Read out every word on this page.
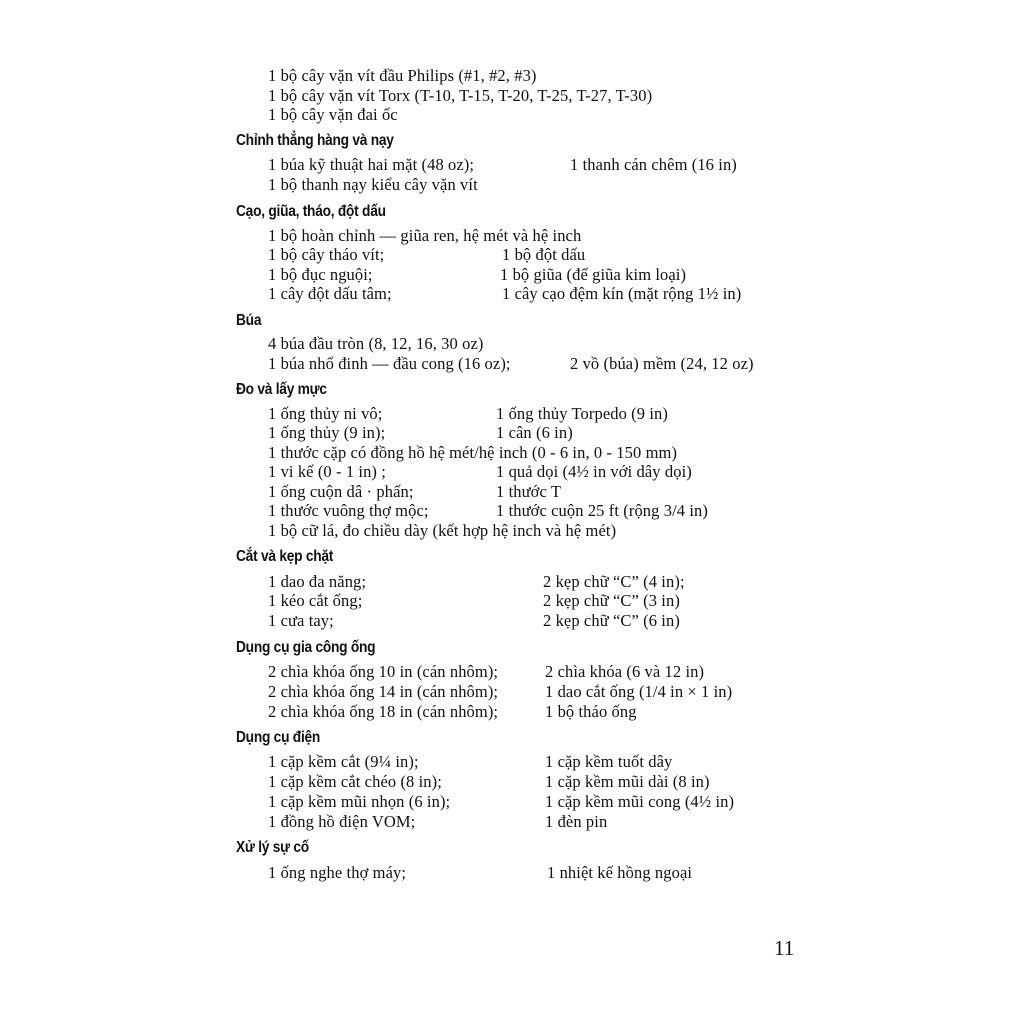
1 bộ cây vặn vít đầu Philips (#1, #2, #3)
1 bộ cây vặn vít Torx (T-10, T-15, T-20, T-25, T-27, T-30)
1 bộ cây vặn đai ốc
Chỉnh thẳng hàng và nạy
1 búa kỹ thuật hai mặt (48 oz);	1 thanh cán chêm (16 in)
1 bộ thanh nạy kiểu cây vặn vít
Cạo, giũa, tháo, đột dấu
1 bộ hoàn chỉnh — giũa ren, hệ mét và hệ inch
1 bộ cây tháo vít;	1 bộ đột dấu
1 bộ đục nguội;	1 bộ giũa (để giũa kim loại)
1 cây đột dấu tâm;	1 cây cạo đệm kín (mặt rộng 1½ in)
Búa
4 búa đầu tròn (8, 12, 16, 30 oz)
1 búa nhổ đinh — đầu cong (16 oz);	2 vồ (búa) mềm (24, 12 oz)
Đo và lấy mực
1 ống thủy ni vô;	1 ống thủy Torpedo (9 in)
1 ống thủy (9 in);	1 cân (6 in)
1 thước cặp có đồng hồ hệ mét/hệ inch (0 - 6 in, 0 - 150 mm)
1 vi kế (0 - 1 in) ;	1 quả dọi (4½ in với dây dọi)
1 ống cuộn dâ · phấn;	1 thước T
1 thước vuông thợ mộc;	1 thước cuộn 25 ft (rộng 3/4 in)
1 bộ cữ lá, đo chiều dày (kết hợp hệ inch và hệ mét)
Cắt và kẹp chặt
1 dao đa năng;	2 kẹp chữ “C” (4 in);
1 kéo cắt ống;	2 kẹp chữ “C” (3 in)
1 cưa tay;	2 kẹp chữ “C” (6 in)
Dụng cụ gia công ống
2 chìa khóa ống 10 in (cán nhôm);	2 chìa khóa (6 và 12 in)
2 chìa khóa ống 14 in (cán nhôm);	1 dao cắt ống (1/4 in × 1 in)
2 chìa khóa ống 18 in (cán nhôm);	1 bộ tháo ống
Dụng cụ điện
1 cặp kềm cắt (9¼ in);	1 cặp kềm tuốt dây
1 cặp kềm cắt chéo (8 in);	1 cặp kềm mũi dài (8 in)
1 cặp kềm mũi nhọn (6 in);	1 cặp kềm mũi cong (4½ in)
1 đồng hồ điện VOM;	1 đèn pin
Xử lý sự cố
1 ống nghe thợ máy;	1 nhiệt kế hồng ngoại
11
